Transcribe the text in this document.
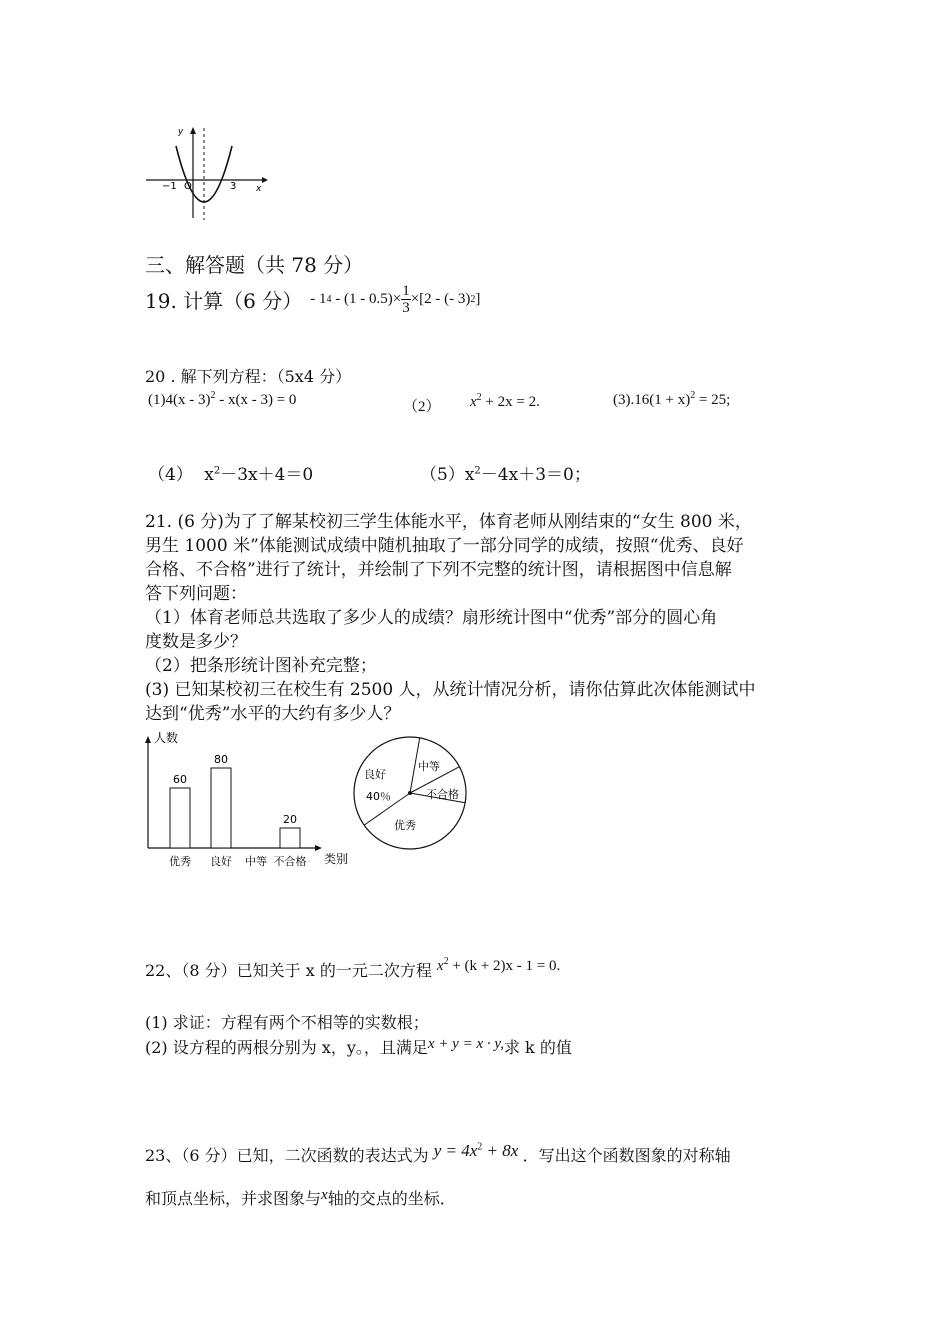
y
x
O
−1	3
三、解答题（共 78 分）
19. 计算（6 分） - 1 $4 - (1 - 0.5)\times \frac{1}{3} \times[2$ - (- 3) 2 ]
20 . 解下列方程：（5x4 分）
(1)4(x - 3)$^2$ - x(x - 3) = 0	（2） $x^2 + 2x = 2$.	$(3).16(1 + x)^2 = 25$;
（4） $x^2-3x+4=0$	$(5)x^2-4x+3=0$；
21. (6 分)为了了解某校初三学生体能水平，体育老师从刚结束的“女生 800 米，
男生 1000 米”体能测试成绩中随机抽取了一部分同学的成绩，按照“优秀、良好
合格、不合格”进行了统计，并绘制了下列不完整的统计图，请根据图中信息解
答下列问题：
（1）体育老师总共选取了多少人的成绩？扇形统计图中“优秀”部分的圆心角
度数是多少？
（2）把条形统计图补充完整；
(3) 已知某校初三在校生有 2500 人，从统计情况分析，请你估算此次体能测试中
达到“优秀”水平的大约有多少人？
人数
类别
60
优秀
80
良好 中等
20
不合格
良好
中等
不合格
优秀
40％
22、（8 分）已知关于 x 的一元二次方程 $x^2 + (k + 2)x - 1 = 0$.
(1) 求证：方程有两个不相等的实数根；
(2) 设方程的两根分别为 x，y。，且满足x + y = x · y,求 k 的值
23、（6 分）已知，二次函数的表达式为 $y = 4x^2 + 8x$ ．写出这个函数图象的对称轴
和顶点坐标，并求图象与x轴的交点的坐标．
